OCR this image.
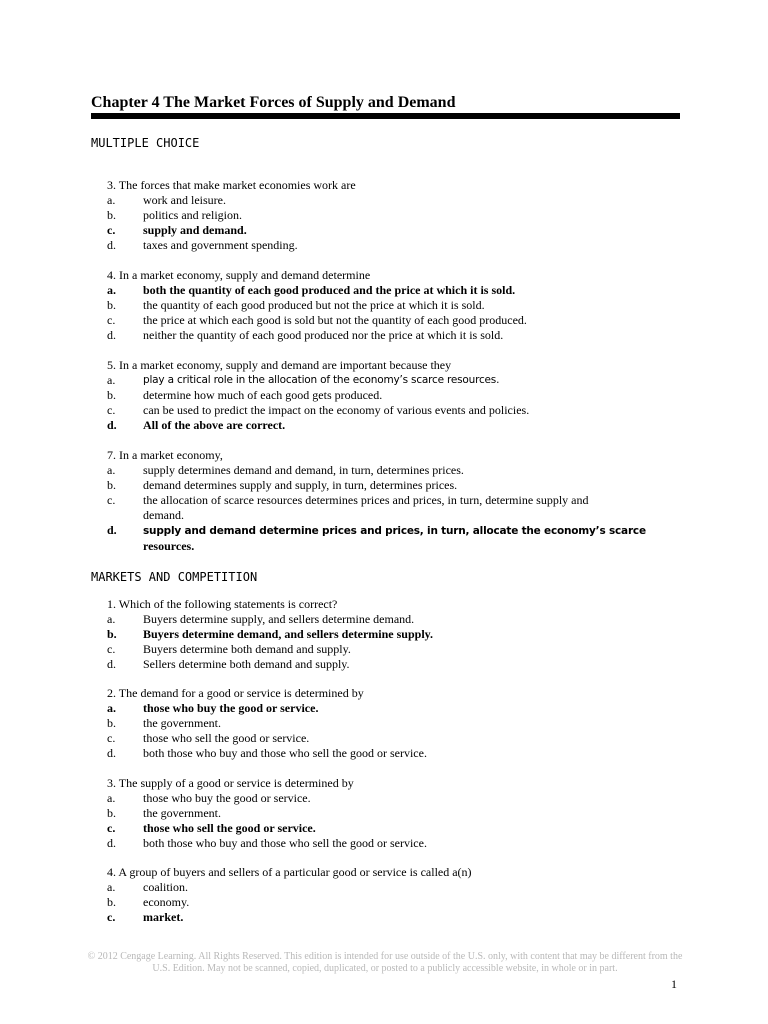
Chapter 4 The Market Forces of Supply and Demand
MULTIPLE CHOICE
3. The forces that make market economies work are
a.	work and leisure.
b.	politics and religion.
c.	supply and demand.
d.	taxes and government spending.
4. In a market economy, supply and demand determine
a.	both the quantity of each good produced and the price at which it is sold.
b.	the quantity of each good produced but not the price at which it is sold.
c.	the price at which each good is sold but not the quantity of each good produced.
d.	neither the quantity of each good produced nor the price at which it is sold.
5. In a market economy, supply and demand are important because they
a.	play a critical role in the allocation of the economy’s scarce resources.
b.	determine how much of each good gets produced.
c.	can be used to predict the impact on the economy of various events and policies.
d.	All of the above are correct.
7. In a market economy,
a.	supply determines demand and demand, in turn, determines prices.
b.	demand determines supply and supply, in turn, determines prices.
c.	the allocation of scarce resources determines prices and prices, in turn, determine supply and demand.
d.	supply and demand determine prices and prices, in turn, allocate the economy’s scarce
resources.
MARKETS AND COMPETITION
1. Which of the following statements is correct?
a.	Buyers determine supply, and sellers determine demand.
b.	Buyers determine demand, and sellers determine supply.
c.	Buyers determine both demand and supply.
d.	Sellers determine both demand and supply.
2. The demand for a good or service is determined by
a.	those who buy the good or service.
b.	the government.
c.	those who sell the good or service.
d.	both those who buy and those who sell the good or service.
3. The supply of a good or service is determined by
a.	those who buy the good or service.
b.	the government.
c.	those who sell the good or service.
d.	both those who buy and those who sell the good or service.
4. A group of buyers and sellers of a particular good or service is called a(n)
a.	coalition.
b.	economy.
c.	market.
© 2012 Cengage Learning. All Rights Reserved. This edition is intended for use outside of the U.S. only, with content that may be different from the U.S. Edition. May not be scanned, copied, duplicated, or posted to a publicly accessible website, in whole or in part.
1
